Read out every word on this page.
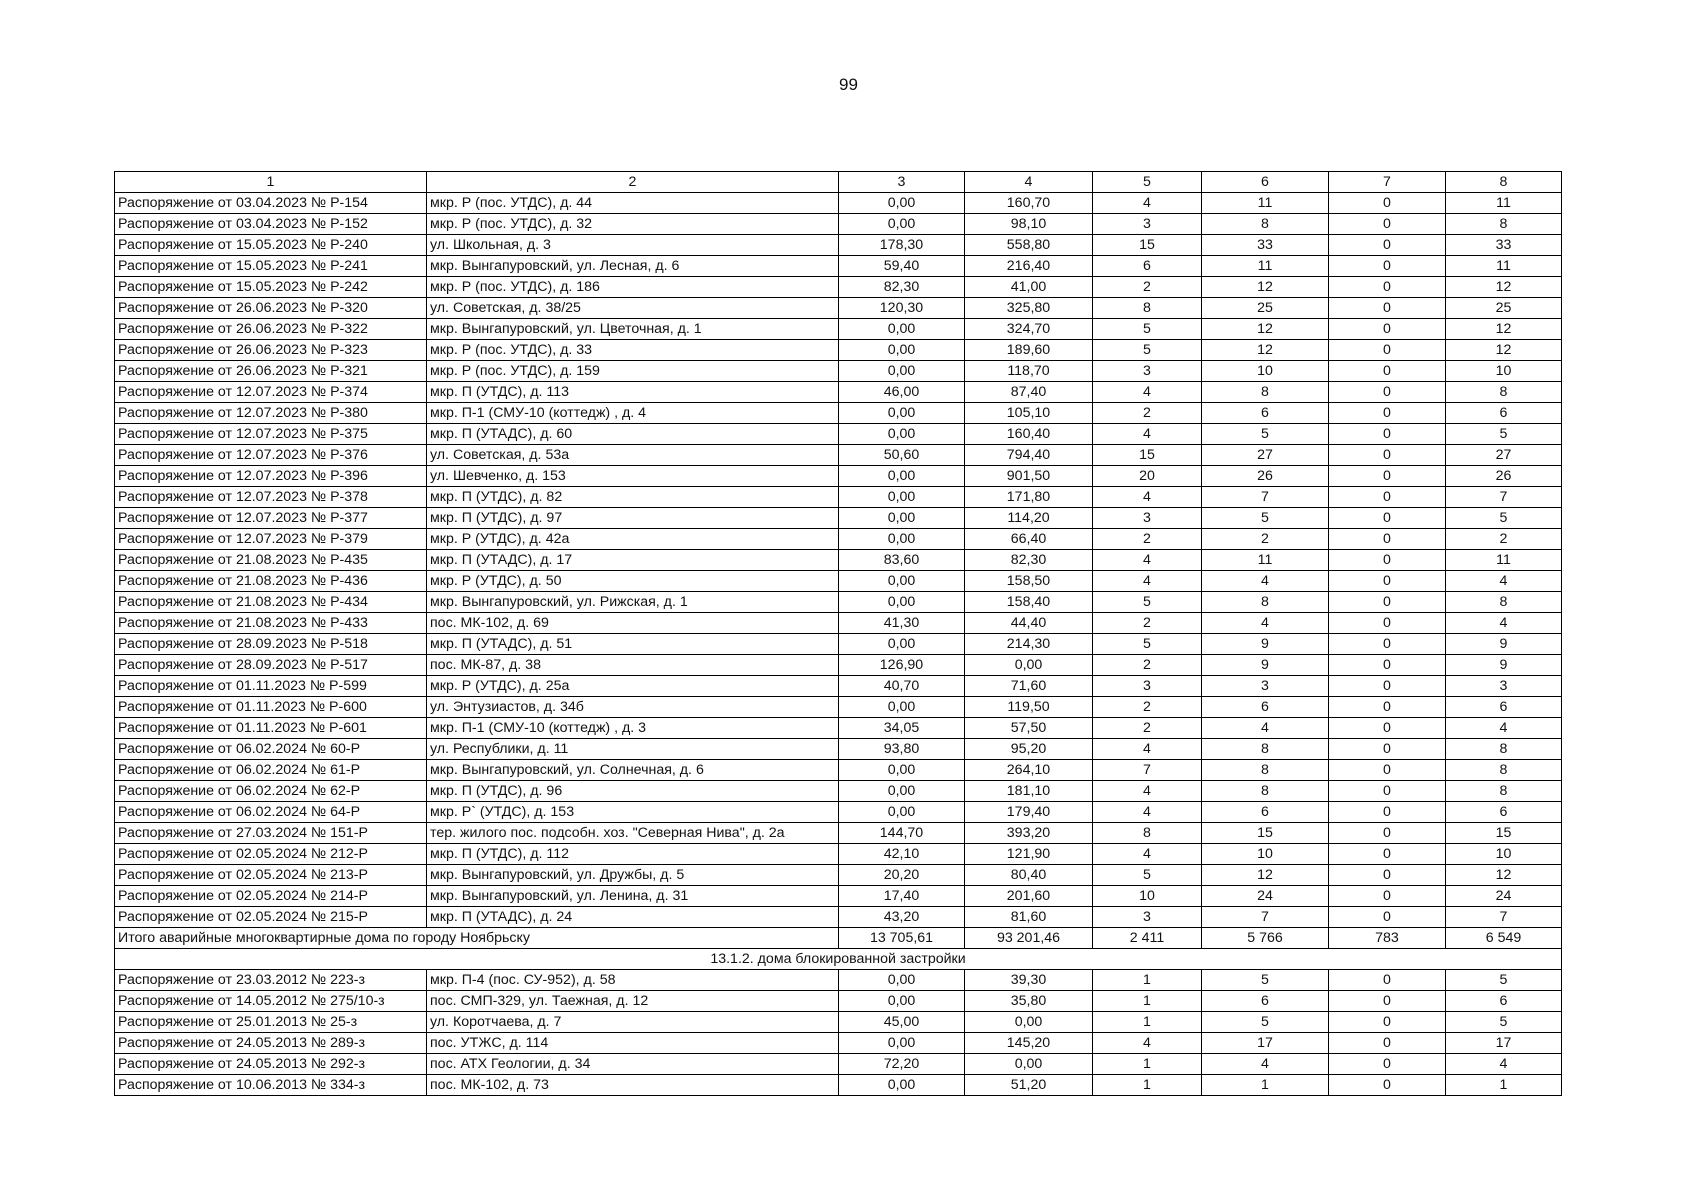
99
1	2	3	4	5	6	7	8
Распоряжение от 03.04.2023 № Р-154	мкр. Р (пос. УТДС), д. 44	0,00	160,70	4	11	0	11
Распоряжение от 03.04.2023 № Р-152	мкр. Р (пос. УТДС), д. 32	0,00	98,10	3	8	0	8
Распоряжение от 15.05.2023 № Р-240	ул. Школьная, д. 3	178,30	558,80	15	33	0	33
Распоряжение от 15.05.2023 № Р-241	мкр. Вынгапуровский, ул. Лесная, д. 6	59,40	216,40	6	11	0	11
Распоряжение от 15.05.2023 № Р-242	мкр. Р (пос. УТДС), д. 186	82,30	41,00	2	12	0	12
Распоряжение от 26.06.2023 № Р-320	ул. Советская, д. 38/25	120,30	325,80	8	25	0	25
Распоряжение от 26.06.2023 № Р-322	мкр. Вынгапуровский, ул. Цветочная, д. 1	0,00	324,70	5	12	0	12
Распоряжение от 26.06.2023 № Р-323	мкр. Р (пос. УТДС), д. 33	0,00	189,60	5	12	0	12
Распоряжение от 26.06.2023 № Р-321	мкр. Р (пос. УТДС), д. 159	0,00	118,70	3	10	0	10
Распоряжение от 12.07.2023 № Р-374	мкр. П (УТДС), д. 113	46,00	87,40	4	8	0	8
Распоряжение от 12.07.2023 № Р-380	мкр. П-1 (СМУ-10 (коттедж) , д. 4	0,00	105,10	2	6	0	6
Распоряжение от 12.07.2023 № Р-375	мкр. П (УТАДС), д. 60	0,00	160,40	4	5	0	5
Распоряжение от 12.07.2023 № Р-376	ул. Советская, д. 53а	50,60	794,40	15	27	0	27
Распоряжение от 12.07.2023 № Р-396	ул. Шевченко, д. 153	0,00	901,50	20	26	0	26
Распоряжение от 12.07.2023 № Р-378	мкр. П (УТДС), д. 82	0,00	171,80	4	7	0	7
Распоряжение от 12.07.2023 № Р-377	мкр. П (УТДС), д. 97	0,00	114,20	3	5	0	5
Распоряжение от 12.07.2023 № Р-379	мкр. Р (УТДС), д. 42а	0,00	66,40	2	2	0	2
Распоряжение от 21.08.2023 № Р-435	мкр. П (УТАДС), д. 17	83,60	82,30	4	11	0	11
Распоряжение от 21.08.2023 № Р-436	мкр. Р (УТДС), д. 50	0,00	158,50	4	4	0	4
Распоряжение от 21.08.2023 № Р-434	мкр. Вынгапуровский, ул. Рижская, д. 1	0,00	158,40	5	8	0	8
Распоряжение от 21.08.2023 № Р-433	пос. МК-102, д. 69	41,30	44,40	2	4	0	4
Распоряжение от 28.09.2023 № Р-518	мкр. П (УТАДС), д. 51	0,00	214,30	5	9	0	9
Распоряжение от 28.09.2023 № Р-517	пос. МК-87, д. 38	126,90	0,00	2	9	0	9
Распоряжение от 01.11.2023 № Р-599	мкр. Р (УТДС), д. 25а	40,70	71,60	3	3	0	3
Распоряжение от 01.11.2023 № Р-600	ул. Энтузиастов, д. 34б	0,00	119,50	2	6	0	6
Распоряжение от 01.11.2023 № Р-601	мкр. П-1 (СМУ-10 (коттедж) , д. 3	34,05	57,50	2	4	0	4
Распоряжение от 06.02.2024 № 60-Р	ул. Республики, д. 11	93,80	95,20	4	8	0	8
Распоряжение от 06.02.2024 № 61-Р	мкр. Вынгапуровский, ул. Солнечная, д. 6	0,00	264,10	7	8	0	8
Распоряжение от 06.02.2024 № 62-Р	мкр. П (УТДС), д. 96	0,00	181,10	4	8	0	8
Распоряжение от 06.02.2024 № 64-Р	мкр. Р` (УТДС), д. 153	0,00	179,40	4	6	0	6
Распоряжение от 27.03.2024 № 151-Р	тер. жилого пос. подсобн. хоз. "Северная Нива", д. 2а	144,70	393,20	8	15	0	15
Распоряжение от 02.05.2024 № 212-Р	мкр. П (УТДС), д. 112	42,10	121,90	4	10	0	10
Распоряжение от 02.05.2024 № 213-Р	мкр. Вынгапуровский, ул. Дружбы, д. 5	20,20	80,40	5	12	0	12
Распоряжение от 02.05.2024 № 214-Р	мкр. Вынгапуровский, ул. Ленина, д. 31	17,40	201,60	10	24	0	24
Распоряжение от 02.05.2024 № 215-Р	мкр. П (УТАДС), д. 24	43,20	81,60	3	7	0	7
Итого аварийные многоквартирные дома по городу Ноябрьску		13 705,61	93 201,46	2 411	5 766	783	6 549
13.1.2. дома блокированной застройки							
Распоряжение от 23.03.2012 № 223-з	мкр. П-4 (пос. СУ-952), д. 58	0,00	39,30	1	5	0	5
Распоряжение от 14.05.2012 № 275/10-з	пос. СМП-329, ул. Таежная, д. 12	0,00	35,80	1	6	0	6
Распоряжение от 25.01.2013 № 25-з	ул. Коротчаева, д. 7	45,00	0,00	1	5	0	5
Распоряжение от 24.05.2013 № 289-з	пос. УТЖС, д. 114	0,00	145,20	4	17	0	17
Распоряжение от 24.05.2013 № 292-з	пос. АТХ Геологии, д. 34	72,20	0,00	1	4	0	4
Распоряжение от 10.06.2013 № 334-з	пос. МК-102, д. 73	0,00	51,20	1	1	0	1
